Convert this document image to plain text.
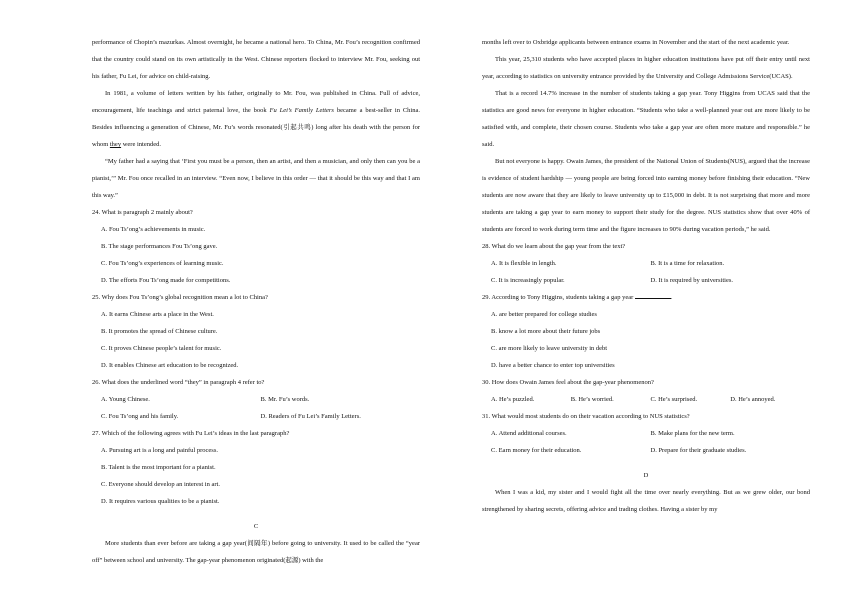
performance of Chopin’s mazurkas. Almost overnight, he became a national hero. To China, Mr. Fou’s recognition confirmed that the country could stand on its own artistically in the West. Chinese reporters flocked to interview Mr. Fou, seeking out his father, Fu Lei, for advice on child-raising.

In 1981, a volume of letters written by his father, originally to Mr. Fou, was published in China. Full of advice, encouragement, life teachings and strict paternal love, the book Fu Lei’s Family Letters became a best-seller in China. Besides influencing a generation of Chinese, Mr. Fu’s words resonated(引起共鸣) long after his death with the person for whom they were intended.

“My father had a saying that ‘First you must be a person, then an artist, and then a musician, and only then can you be a pianist,’” Mr. Fou once recalled in an interview. “Even now, I believe in this order — that it should be this way and that I am this way.”

24. What is paragraph 2 mainly about?

A. Fou Ts’ong’s achievements in music.

B. The stage performances Fou Ts’ong gave.

C. Fou Ts’ong’s experiences of learning music.

D. The efforts Fou Ts’ong made for competitions.

25. Why does Fou Ts’ong’s global recognition mean a lot to China?

A. It earns Chinese arts a place in the West.

B. It promotes the spread of Chinese culture.

C. It proves Chinese people’s talent for music.

D. It enables Chinese art education to be recognized.

26. What does the underlined word “they” in paragraph 4 refer to?

A. Young Chinese.	B. Mr. Fu’s words.
C. Fou Ts’ong and his family.	D. Readers of Fu Lei’s Family Letters.

27. Which of the following agrees with Fu Lei’s ideas in the last paragraph?

A. Pursuing art is a long and painful process.

B. Talent is the most important for a pianist.

C. Everyone should develop an interest in art.

D. It requires various qualities to be a pianist.

C

More students than ever before are taking a gap year(间隔年) before going to university. It used to be called the “year off” between school and university. The gap-year phenomenon originated(起源) with the

months left over to Oxbridge applicants between entrance exams in November and the start of the next academic year.

This year, 25,310 students who have accepted places in higher education institutions have put off their entry until next year, according to statistics on university entrance provided by the University and College Admissions Service(UCAS).

That is a record 14.7% increase in the number of students taking a gap year. Tony Higgins from UCAS said that the statistics are good news for everyone in higher education. “Students who take a well-planned year out are more likely to be satisfied with, and complete, their chosen course. Students who take a gap year are often more mature and responsible.” he said.

But not everyone is happy. Owain James, the president of the National Union of Students(NUS), argued that the increase is evidence of student hardship — young people are being forced into earning money before finishing their education. “New students are now aware that they are likely to leave university up to £15,000 in debt. It is not surprising that more and more students are taking a gap year to earn money to support their study for the degree. NUS statistics show that over 40% of students are forced to work during term time and the figure increases to 90% during vacation periods,” he said.

28. What do we learn about the gap year from the text?

A. It is flexible in length.	B. It is a time for relaxation.
C. It is increasingly popular.	D. It is required by universities.

29. According to Tony Higgins, students taking a gap year	.

A. are better prepared for college studies

B. know a lot more about their future jobs

C. are more likely to leave university in debt

D. have a better chance to enter top universities

30. How does Owain James feel about the gap-year phenomenon?

A. He’s puzzled.	B. He’s worried.	C. He’s surprised.	D. He’s annoyed.

31. What would most students do on their vacation according to NUS statistics?

A. Attend additional courses.	B. Make plans for the new term.
C. Earn money for their education.	D. Prepare for their graduate studies.

D

When I was a kid, my sister and I would fight all the time over nearly everything. But as we grew older, our bond strengthened by sharing secrets, offering advice and trading clothes. Having a sister by my
